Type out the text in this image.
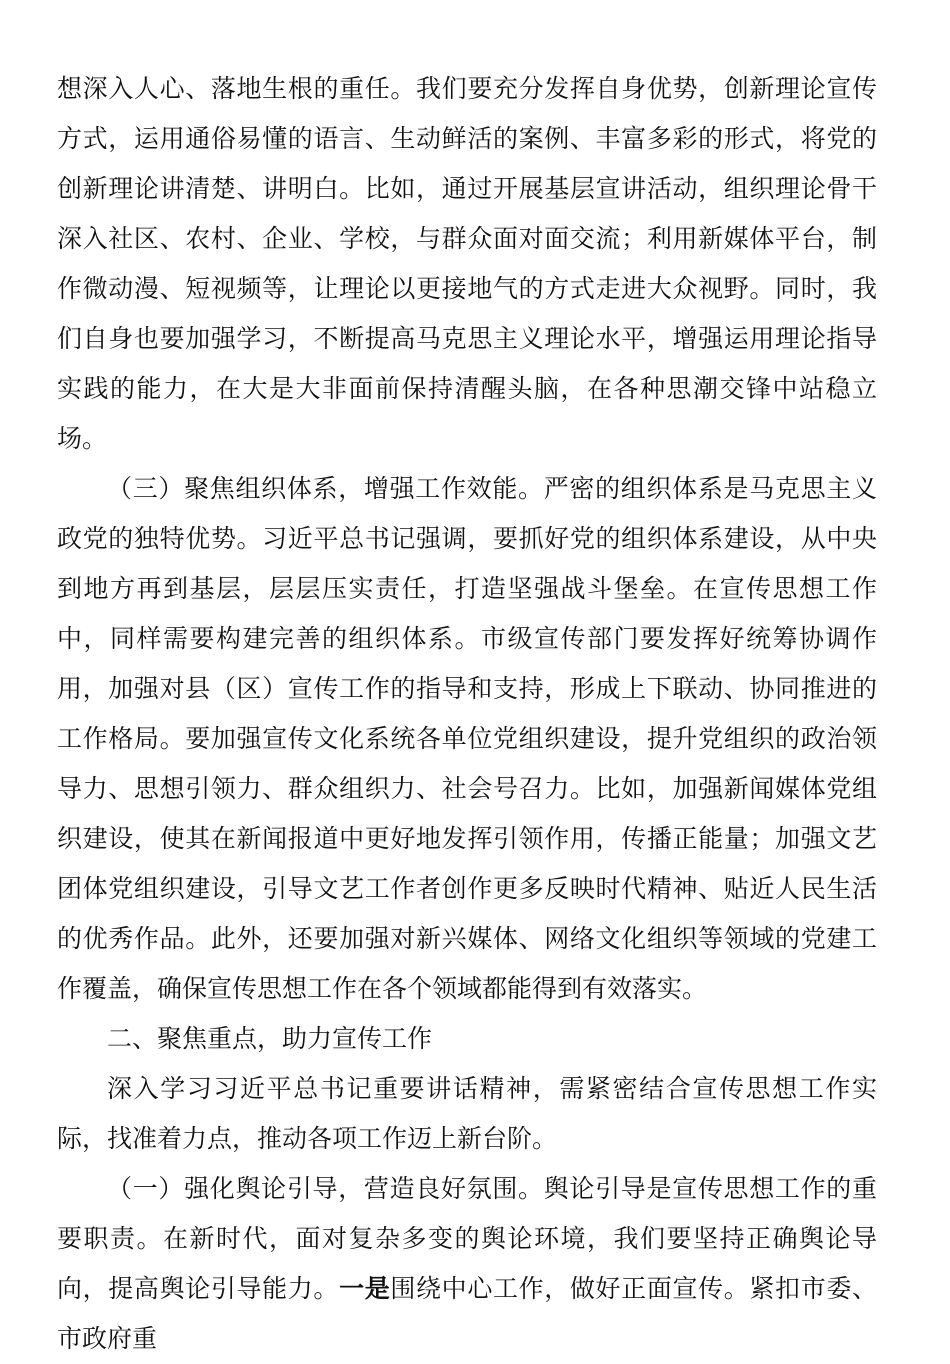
想深入人心、落地生根的重任。我们要充分发挥自身优势，创新理论宣传方式，运用通俗易懂的语言、生动鲜活的案例、丰富多彩的形式，将党的创新理论讲清楚、讲明白。比如，通过开展基层宣讲活动，组织理论骨干深入社区、农村、企业、学校，与群众面对面交流；利用新媒体平台，制作微动漫、短视频等，让理论以更接地气的方式走进大众视野。同时，我们自身也要加强学习，不断提高马克思主义理论水平，增强运用理论指导实践的能力，在大是大非面前保持清醒头脑，在各种思潮交锋中站稳立场。

（三）聚焦组织体系，增强工作效能。严密的组织体系是马克思主义政党的独特优势。习近平总书记强调，要抓好党的组织体系建设，从中央到地方再到基层，层层压实责任，打造坚强战斗堡垒。在宣传思想工作中，同样需要构建完善的组织体系。市级宣传部门要发挥好统筹协调作用，加强对县（区）宣传工作的指导和支持，形成上下联动、协同推进的工作格局。要加强宣传文化系统各单位党组织建设，提升党组织的政治领导力、思想引领力、群众组织力、社会号召力。比如，加强新闻媒体党组织建设，使其在新闻报道中更好地发挥引领作用，传播正能量；加强文艺团体党组织建设，引导文艺工作者创作更多反映时代精神、贴近人民生活的优秀作品。此外，还要加强对新兴媒体、网络文化组织等领域的党建工作覆盖，确保宣传思想工作在各个领域都能得到有效落实。

二、聚焦重点，助力宣传工作

深入学习习近平总书记重要讲话精神，需紧密结合宣传思想工作实际，找准着力点，推动各项工作迈上新台阶。

（一）强化舆论引导，营造良好氛围。舆论引导是宣传思想工作的重要职责。在新时代，面对复杂多变的舆论环境，我们要坚持正确舆论导向，提高舆论引导能力。一是围绕中心工作，做好正面宣传。紧扣市委、市政府重
